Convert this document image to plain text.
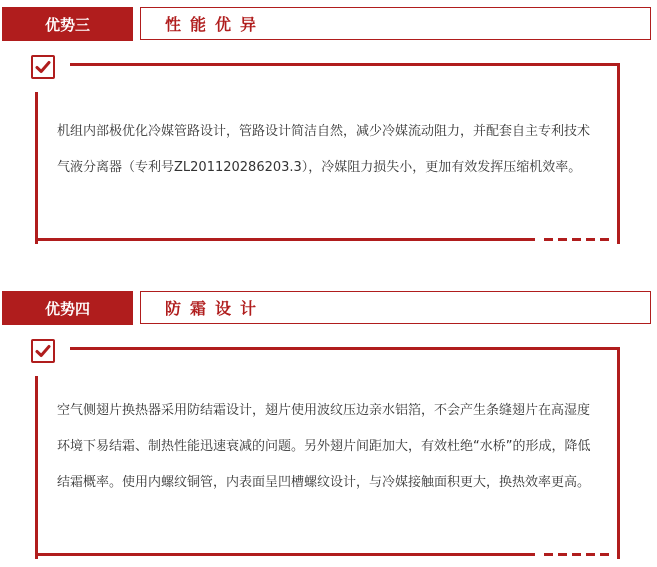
优势三	性能优异

机组内部极优化冷媒管路设计，管路设计简洁自然，减少冷媒流动阻力，并配套自主专利技术气液分离器（专利号ZL201120286203.3），冷媒阻力损失小，更加有效发挥压缩机效率。

优势四	防霜设计

空气侧翅片换热器采用防结霜设计，翅片使用波纹压边亲水铝箔，不会产生条缝翅片在高湿度环境下易结霜、制热性能迅速衰减的问题。另外翅片间距加大，有效杜绝“水桥”的形成，降低结霜概率。使用内螺纹铜管，内表面呈凹槽螺纹设计，与冷媒接触面积更大，换热效率更高。
